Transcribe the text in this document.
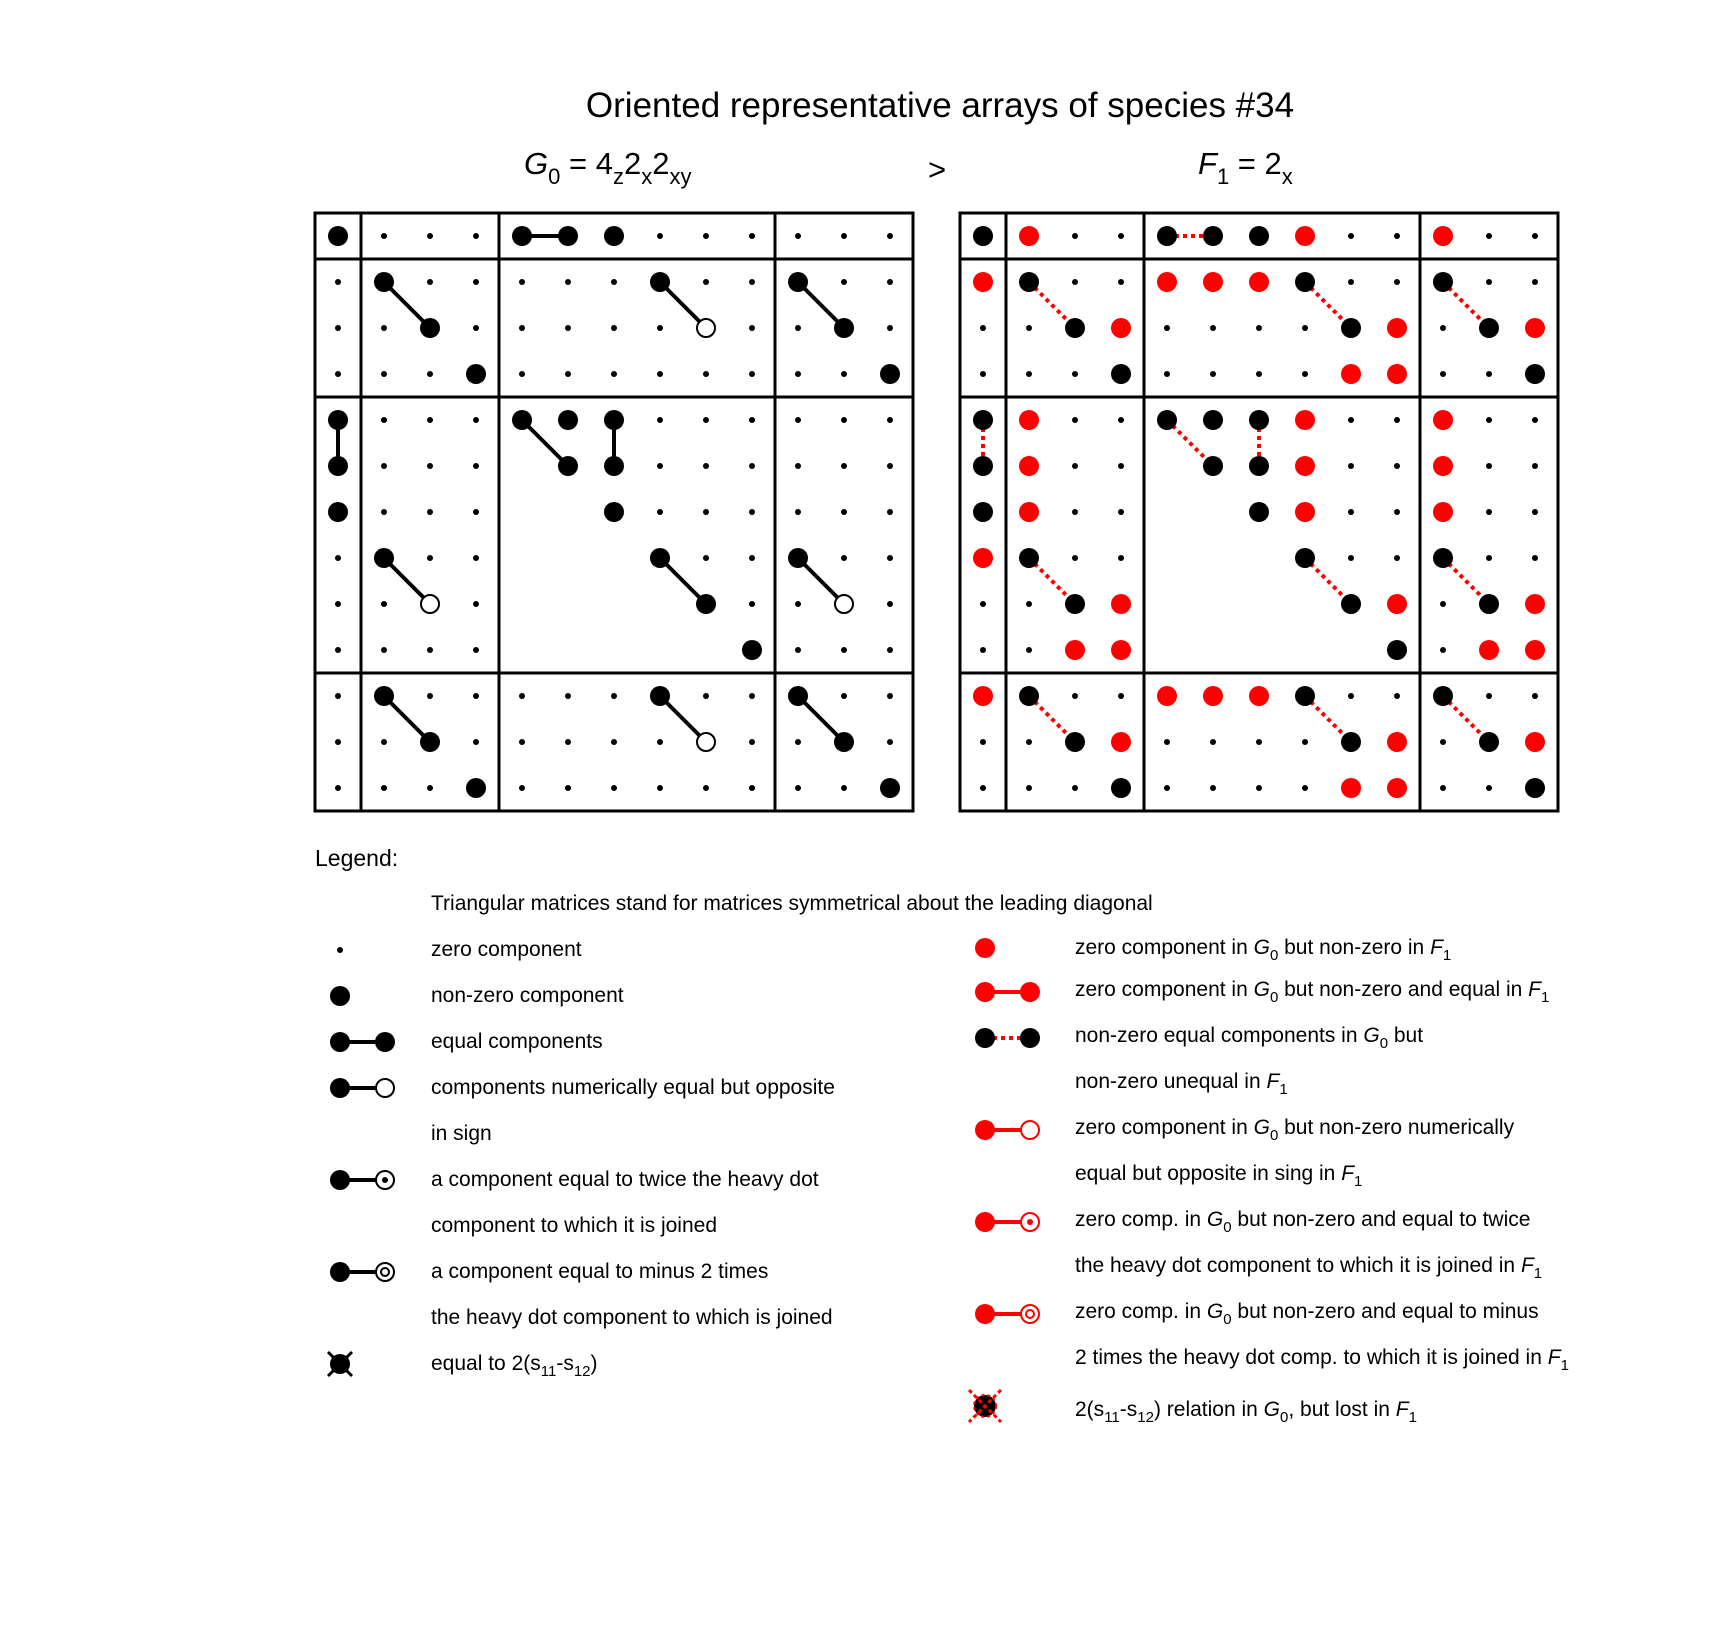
Oriented representative arrays of species #34
$G_0 = 4_z2_x2_{xy}$	>	$F_1 = 2_x$
Legend:
Triangular matrices stand for matrices symmetrical about the leading diagonal
zero component
non-zero component
equal components
components numerically equal but opposite
in sign
a component equal to twice the heavy dot
component to which it is joined
a component equal to minus 2 times
the heavy dot component to which is joined
equal to $2(s_{11}-s_{12})$
zero component in $G_0$ but non-zero in $F_1$
zero component in $G_0$ but non-zero and equal in $F_1$
non-zero equal components in $G_0$ but
non-zero unequal in $F_1$
zero component in $G_0$ but non-zero numerically
equal but opposite in sing in $F_1$
zero comp. in $G_0$ but non-zero and equal to twice
the heavy dot component to which it is joined in $F_1$
zero comp. in $G_0$ but non-zero and equal to minus
2 times the heavy dot comp. to which it is joined in $F_1$
$2(s_{11}-s_{12})$ relation in $G_0$, but lost in $F_1$
